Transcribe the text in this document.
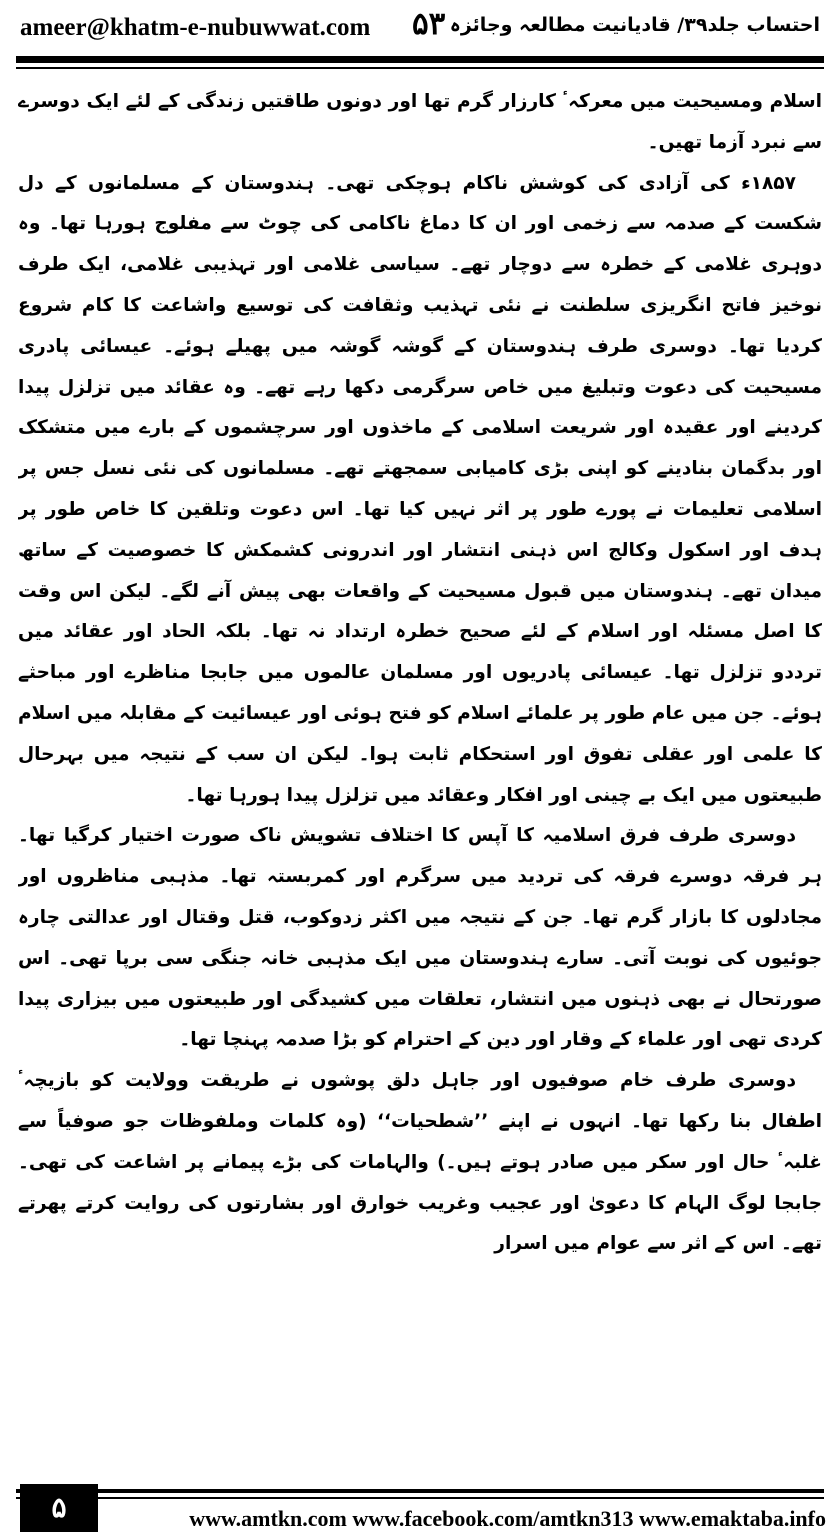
ameer@khatm-e-nubuwwat.com ۵۳ احتساب جلد۳۹/ قادیانیت مطالعہ وجائزہ

اسلام ومسیحیت میں معرکہٴ کارزار گرم تھا اور دونوں طاقتیں زندگی کے لئے ایک دوسرے سے نبرد آزما تھیں۔

۱۸۵۷ء کی آزادی کی کوشش ناکام ہوچکی تھی۔ ہندوستان کے مسلمانوں کے دل شکست کے صدمہ سے زخمی اور ان کا دماغ ناکامی کی چوٹ سے مفلوج ہورہا تھا۔ وہ دوہری غلامی کے خطرہ سے دوچار تھے۔ سیاسی غلامی اور تہذیبی غلامی، ایک طرف نوخیز فاتح انگریزی سلطنت نے نئی تہذیب وثقافت کی توسیع واشاعت کا کام شروع کردیا تھا۔ دوسری طرف ہندوستان کے گوشہ گوشہ میں پھیلے ہوئے۔ عیسائی پادری مسیحیت کی دعوت وتبلیغ میں خاص سرگرمی دکھا رہے تھے۔ وہ عقائد میں تزلزل پیدا کردینے اور عقیدہ اور شریعت اسلامی کے ماخذوں اور سرچشموں کے بارے میں متشکک اور بدگمان بنادینے کو اپنی بڑی کامیابی سمجھتے تھے۔ مسلمانوں کی نئی نسل جس پر اسلامی تعلیمات نے پورے طور پر اثر نہیں کیا تھا۔ اس دعوت وتلقین کا خاص طور پر ہدف اور اسکول وکالج اس ذہنی انتشار اور اندرونی کشمکش کا خصوصیت کے ساتھ میدان تھے۔ ہندوستان میں قبول مسیحیت کے واقعات بھی پیش آنے لگے۔ لیکن اس وقت کا اصل مسئلہ اور اسلام کے لئے صحیح خطرہ ارتداد نہ تھا۔ بلکہ الحاد اور عقائد میں ترددو تزلزل تھا۔ عیسائی پادریوں اور مسلمان عالموں میں جابجا مناظرے اور مباحثے ہوئے۔ جن میں عام طور پر علمائے اسلام کو فتح ہوئی اور عیسائیت کے مقابلہ میں اسلام کا علمی اور عقلی تفوق اور استحکام ثابت ہوا۔ لیکن ان سب کے نتیجہ میں بہرحال طبیعتوں میں ایک بے چینی اور افکار وعقائد میں تزلزل پیدا ہورہا تھا۔

دوسری طرف فرق اسلامیہ کا آپس کا اختلاف تشویش ناک صورت اختیار کرگیا تھا۔ ہر فرقہ دوسرے فرقہ کی تردید میں سرگرم اور کمربستہ تھا۔ مذہبی مناظروں اور مجادلوں کا بازار گرم تھا۔ جن کے نتیجہ میں اکثر زدوکوب، قتل وقتال اور عدالتی چارہ جوئیوں کی نوبت آتی۔ سارے ہندوستان میں ایک مذہبی خانہ جنگی سی برپا تھی۔ اس صورتحال نے بھی ذہنوں میں انتشار، تعلقات میں کشیدگی اور طبیعتوں میں بیزاری پیدا کردی تھی اور علماء کے وقار اور دین کے احترام کو بڑا صدمہ پہنچا تھا۔

دوسری طرف خام صوفیوں اور جاہل دلق پوشوں نے طریقت وولایت کو بازیچہٴ اطفال بنا رکھا تھا۔ انہوں نے اپنے ’’شطحیات‘‘ (وہ کلمات وملفوظات جو صوفیاً سے غلبہٴ حال اور سکر میں صادر ہوتے ہیں۔) والہامات کی بڑے پیمانے پر اشاعت کی تھی۔ جابجا لوگ الہام کا دعویٰ اور عجیب وغریب خوارق اور بشارتوں کی روایت کرتے پھرتے تھے۔ اس کے اثر سے عوام میں اسرار

۵	www.amtkn.com www.facebook.com/amtkn313 www.emaktaba.info
